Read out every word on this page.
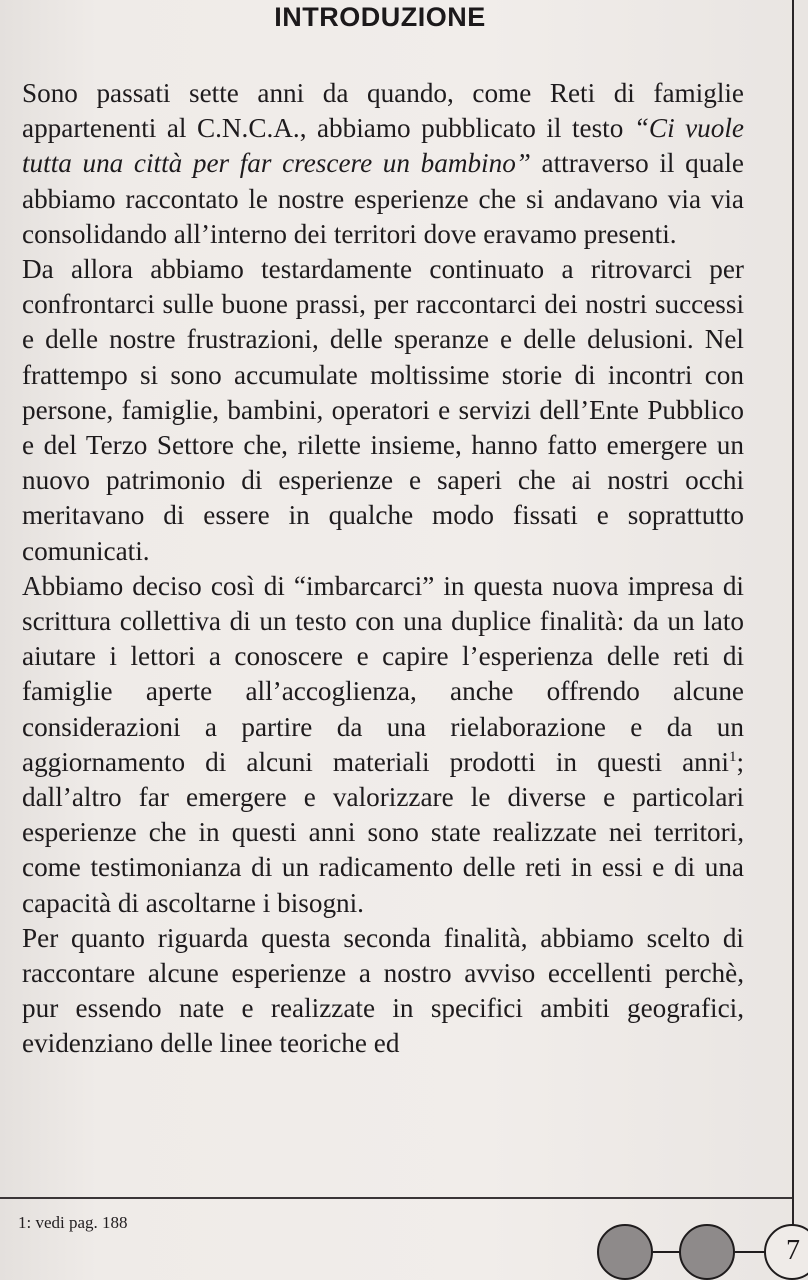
INTRODUZIONE

Sono passati sette anni da quando, come Reti di famiglie appartenenti al C.N.C.A., abbiamo pubblicato il testo “Ci vuole tutta una città per far crescere un bambino” attraverso il quale abbiamo raccontato le nostre esperienze che si andavano via via consolidando all’interno dei territori dove eravamo presenti.

Da allora abbiamo testardamente continuato a ritrovarci per confrontarci sulle buone prassi, per raccontarci dei nostri successi e delle nostre frustrazioni, delle speranze e delle delusioni. Nel frattempo si sono accumulate moltissime storie di incontri con persone, famiglie, bambini, operatori e servizi dell’Ente Pubblico e del Terzo Settore che, rilette insieme, hanno fatto emergere un nuovo patrimonio di esperienze e saperi che ai nostri occhi meritavano di essere in qualche modo fissati e soprattutto comunicati.

Abbiamo deciso così di “imbarcarci” in questa nuova impresa di scrittura collettiva di un testo con una duplice finalità: da un lato aiutare i lettori a conoscere e capire l’esperienza delle reti di famiglie aperte all’accoglienza, anche offrendo alcune considerazioni a partire da una rielaborazione e da un aggiornamento di alcuni materiali prodotti in questi anni$^1$; dall’altro far emergere e valorizzare le diverse e particolari esperienze che in questi anni sono state realizzate nei territori, come testimonianza di un radicamento delle reti in essi e di una capacità di ascoltarne i bisogni.

Per quanto riguarda questa seconda finalità, abbiamo scelto di raccontare alcune esperienze a nostro avviso eccellenti perchè, pur essendo nate e realizzate in specifici ambiti geografici, evidenziano delle linee teoriche ed

1: vedi pag. 188
7
